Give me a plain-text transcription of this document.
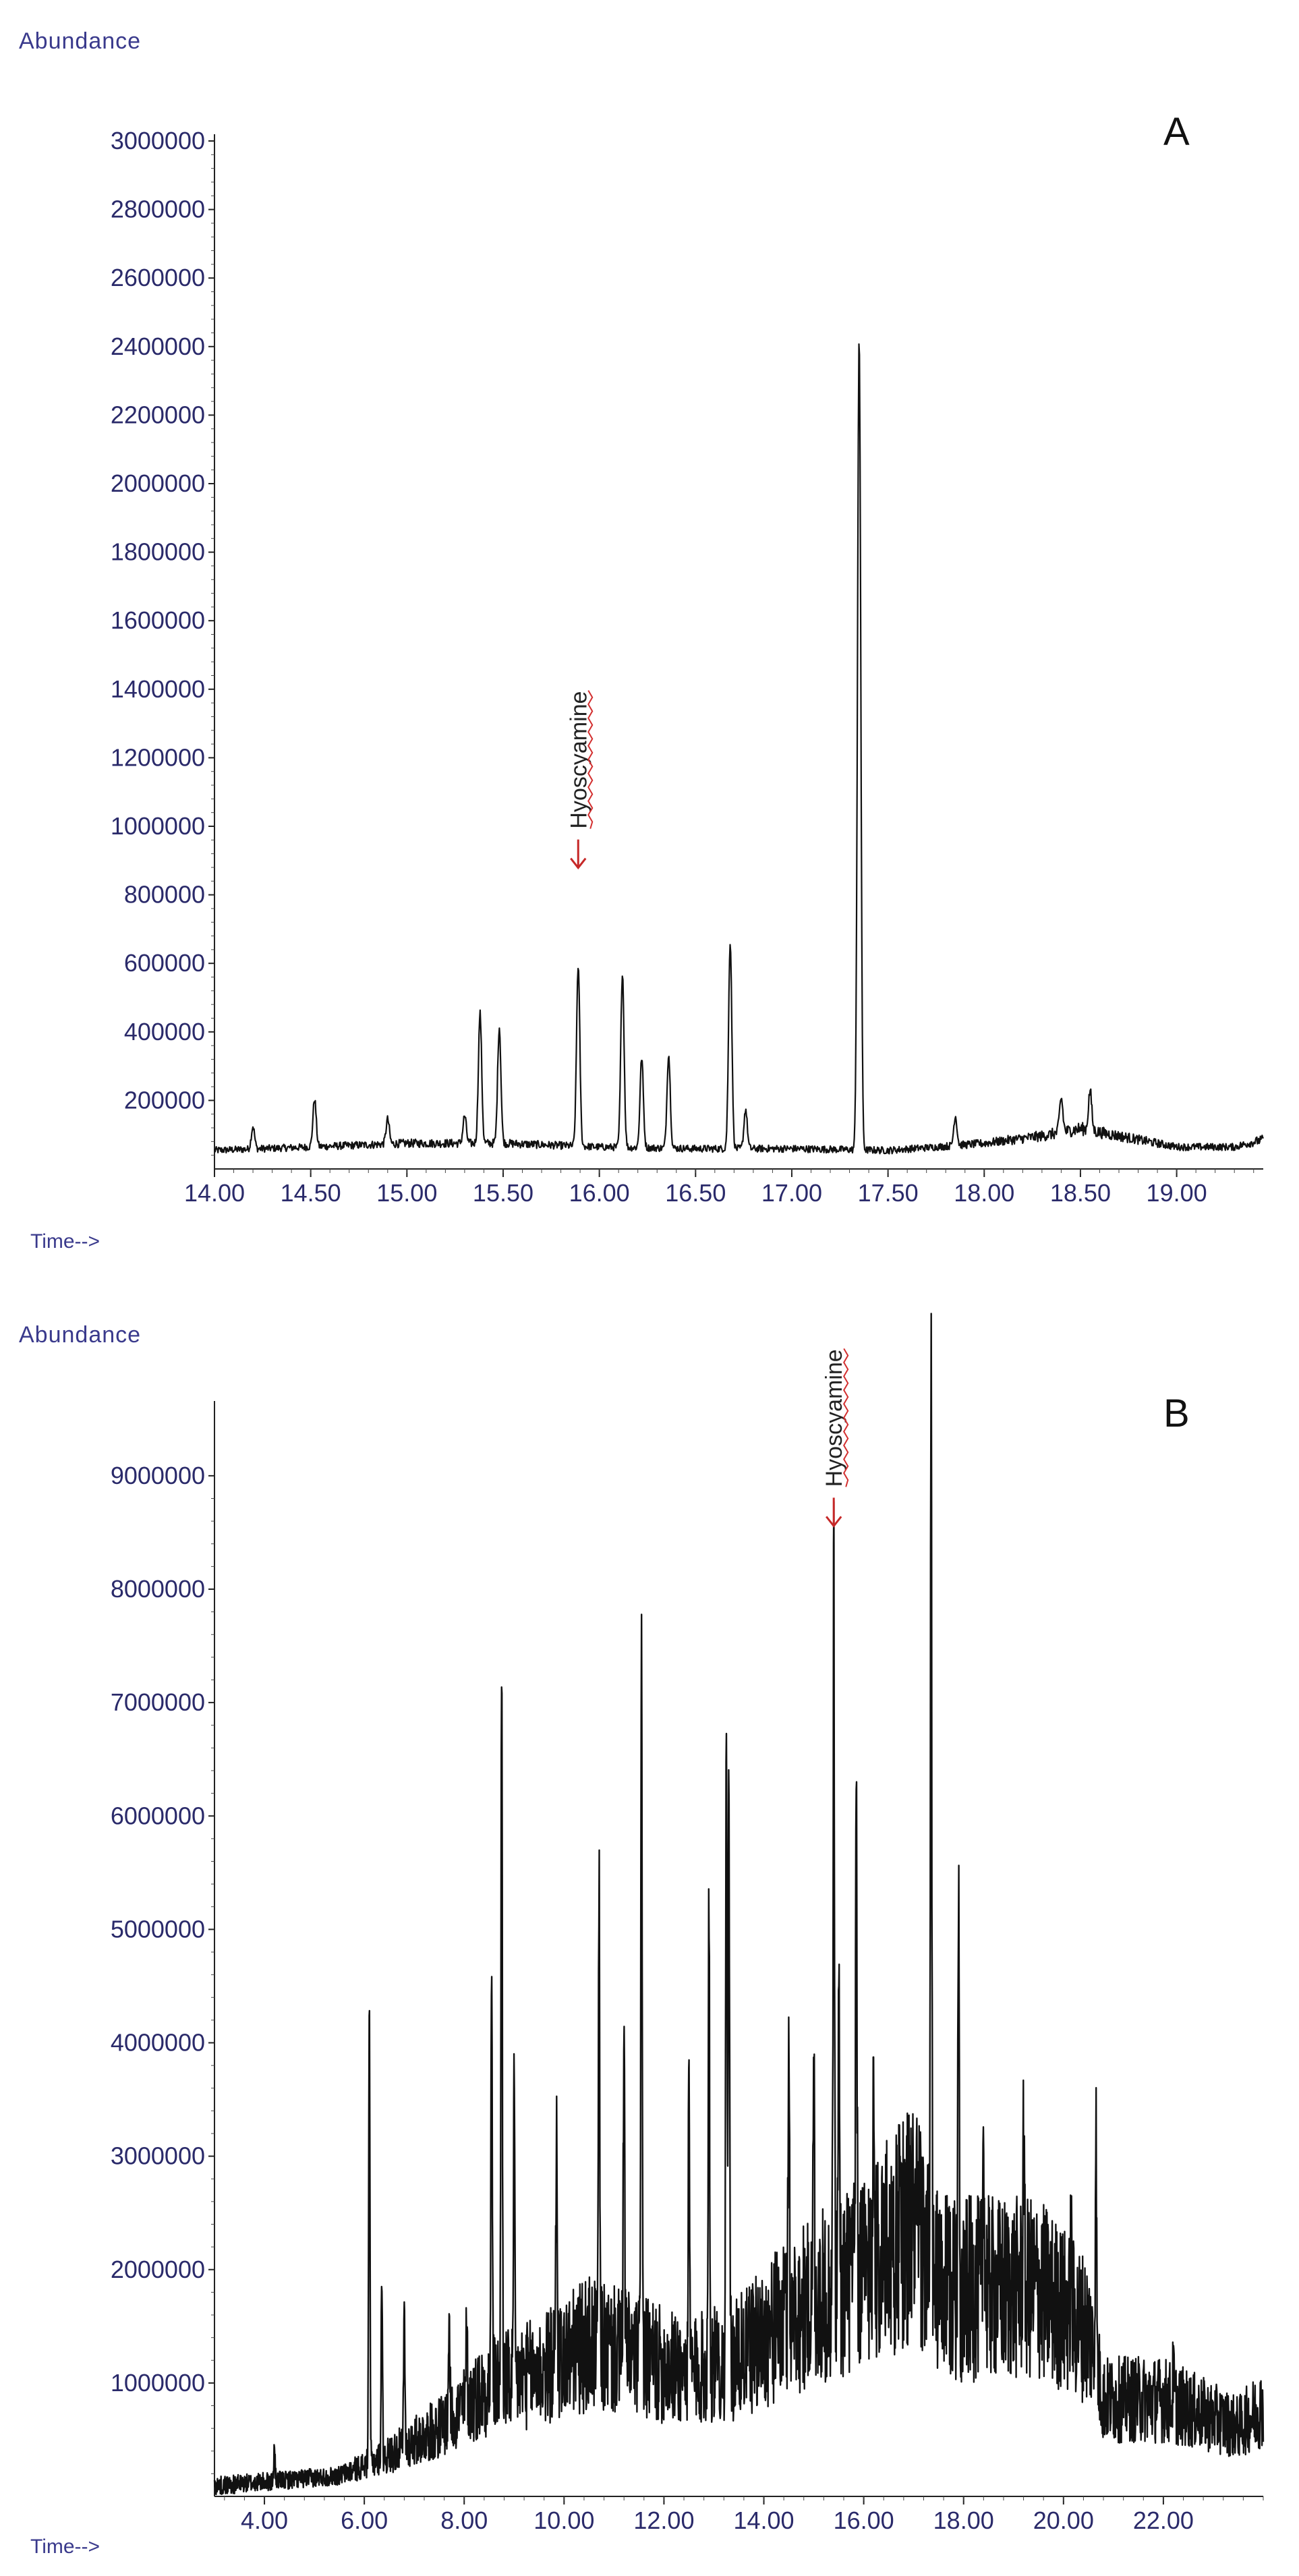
Abundance
A
Time-->
200000
400000
600000
800000
1000000
1200000
1400000
1600000
1800000
2000000
2200000
2400000
2600000
2800000
3000000
14.00 14.50 15.00 15.50 16.00 16.50 17.00 17.50 18.00 18.50 19.00
Hyoscyamine
Abundance
B
Time-->
1000000
2000000
3000000
4000000
5000000
6000000
7000000
8000000
9000000
4.00 6.00 8.00 10.00 12.00 14.00 16.00 18.00 20.00 22.00
Hyoscyamine
